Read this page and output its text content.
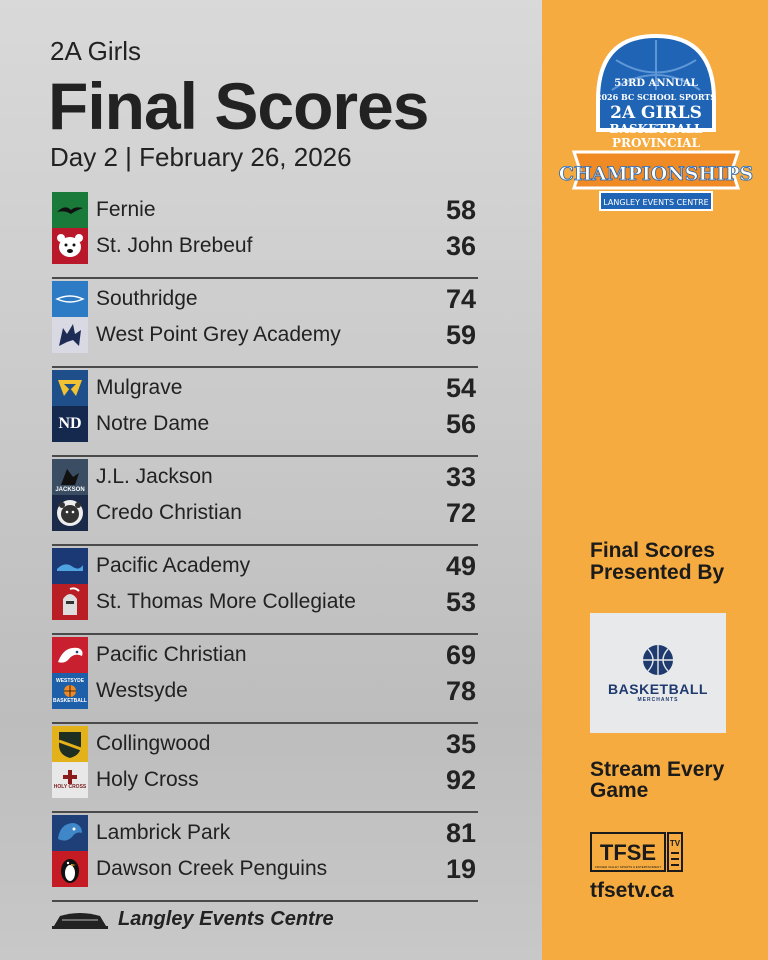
2A Girls
Final Scores
Day 2 | February 26, 2026
Fernie	58
St. John Brebeuf	36
Southridge	74
West Point Grey Academy	59
Mulgrave	54
ND Notre Dame	56
JACKSON
J.L. Jackson	33
Credo Christian	72
Pacific Academy	49
St. Thomas More Collegiate	53
Pacific Christian	69
WESTSYDE
BASKETBALL Westsyde	78
Collingwood	35
HOLY CROSS Holy Cross	92
Lambrick Park	81
Dawson Creek Penguins	19
Langley Events Centre
53RD ANNUAL
2026 BC SCHOOL SPORTS
2A GIRLS
BASKETBALL
PROVINCIAL
CHAMPIONSHIPS
LANGLEY EVENTS CENTRE
Final Scores Presented By
BASKETBALL
MERCHANTS
Stream Every Game
TFSE
FRASER VALLEY SPORTS & ENTERTAINMENT
TV
tfsetv.ca
